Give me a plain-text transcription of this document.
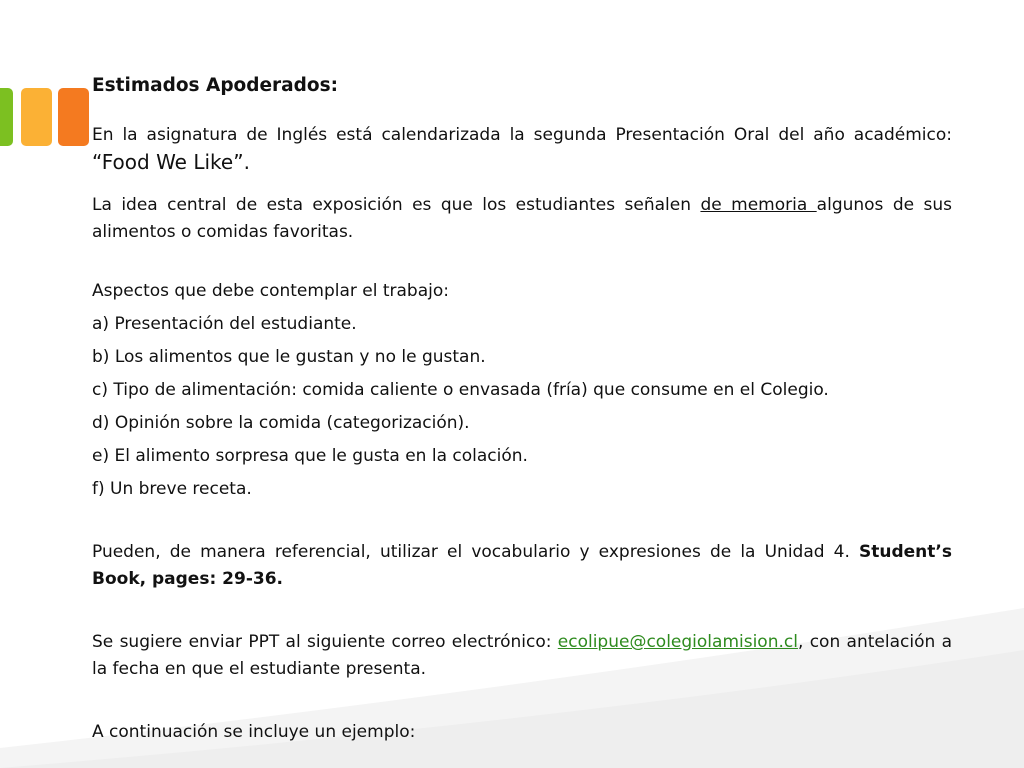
Estimados Apoderados:

En la asignatura de Inglés está calendarizada la segunda Presentación Oral del año académico: “Food We Like”.

La idea central de esta exposición es que los estudiantes señalen de memoria algunos de sus alimentos o comidas favoritas.

Aspectos que debe contemplar el trabajo:

a) Presentación del estudiante.

b) Los alimentos que le gustan y no le gustan.

c) Tipo de alimentación: comida caliente o envasada (fría) que consume en el Colegio.

d) Opinión sobre la comida (categorización).

e) El alimento sorpresa que le gusta en la colación.

f) Un breve receta.

Pueden, de manera referencial, utilizar el vocabulario y expresiones de la Unidad 4. Student’s Book, pages: 29-36.

Se sugiere enviar PPT al siguiente correo electrónico: ecolipue@colegiolamision.cl, con antelación a la fecha en que el estudiante presenta.

A continuación se incluye un ejemplo:
